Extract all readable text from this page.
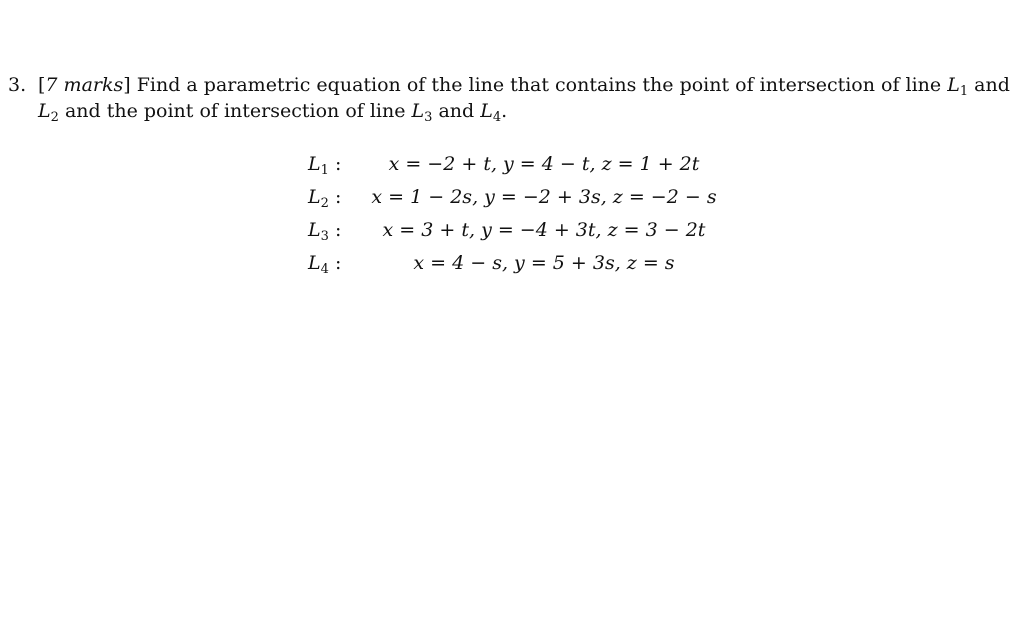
3. [7 marks] Find a parametric equation of the line that contains the point of intersection of line $L_1$ and
$L_2$ and the point of intersection of line $L_3$ and $L_4$.
$L_1$ :	x = −2 + t, y = 4 − t, z = 1 + 2t
$L_2$ :	x = 1 − 2s, y = −2 + 3s, z = −2 − s
$L_3$ :	x = 3 + t, y = −4 + 3t, z = 3 − 2t
$L_4$ :	x = 4 − s, y = 5 + 3s, z = s
